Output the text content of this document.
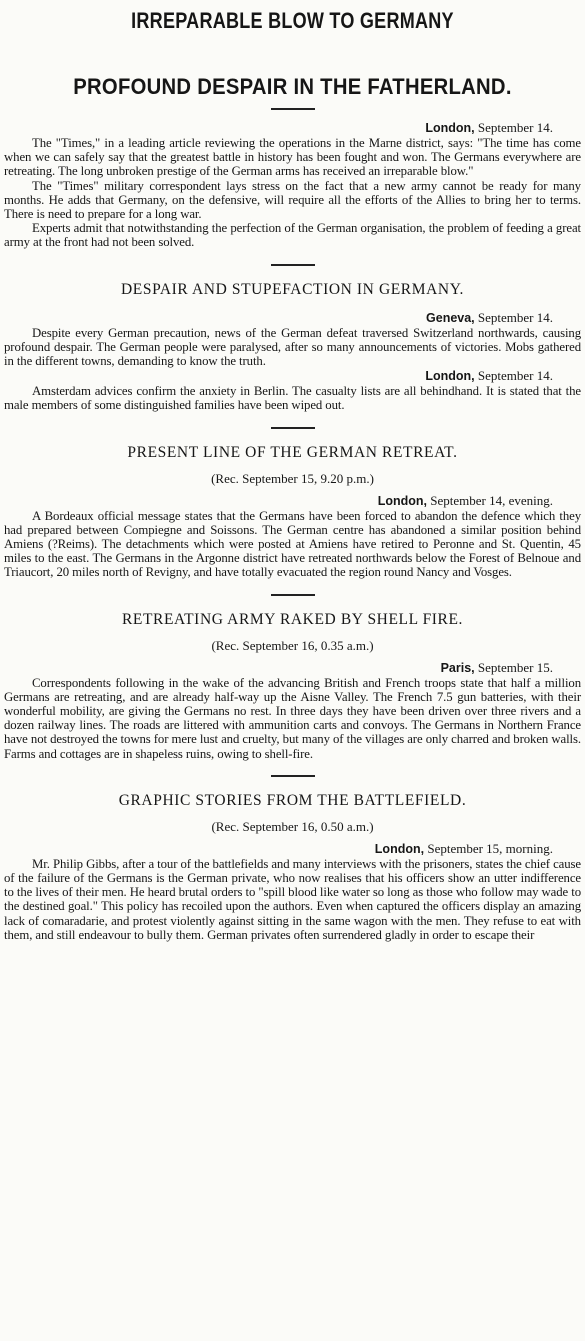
IRREPARABLE BLOW TO GERMANY
PROFOUND DESPAIR IN THE FATHERLAND.
London, September 14.

The "Times," in a leading article reviewing the operations in the Marne district, says: "The time has come when we can safely say that the greatest battle in history has been fought and won. The Germans everywhere are retreating. The long unbroken prestige of the German arms has received an irreparable blow."

The "Times" military correspondent lays stress on the fact that a new army cannot be ready for many months. He adds that Germany, on the defensive, will require all the efforts of the Allies to bring her to terms. There is need to prepare for a long war.

Experts admit that notwithstanding the perfection of the German organisation, the problem of feeding a great army at the front had not been solved.

DESPAIR AND STUPEFACTION IN GERMANY.
Geneva, September 14.

Despite every German precaution, news of the German defeat traversed Switzerland northwards, causing profound despair. The German people were paralysed, after so many announcements of victories. Mobs gathered in the different towns, demanding to know the truth.

London, September 14.

Amsterdam advices confirm the anxiety in Berlin. The casualty lists are all behindhand. It is stated that the male members of some distinguished families have been wiped out.

PRESENT LINE OF THE GERMAN RETREAT.
(Rec. September 15, 9.20 p.m.)
London, September 14, evening.

A Bordeaux official message states that the Germans have been forced to abandon the defence which they had prepared between Compiegne and Soissons. The German centre has abandoned a similar position behind Amiens (?Reims). The detachments which were posted at Amiens have retired to Peronne and St. Quentin, 45 miles to the east. The Germans in the Argonne district have retreated northwards below the Forest of Belnoue and Triaucort, 20 miles north of Revigny, and have totally evacuated the region round Nancy and Vosges.

RETREATING ARMY RAKED BY SHELL FIRE.
(Rec. September 16, 0.35 a.m.)
Paris, September 15.

Correspondents following in the wake of the advancing British and French troops state that half a million Germans are retreating, and are already half-way up the Aisne Valley. The French 7.5 gun batteries, with their wonderful mobility, are giving the Germans no rest. In three days they have been driven over three rivers and a dozen railway lines. The roads are littered with ammunition carts and convoys. The Germans in Northern France have not destroyed the towns for mere lust and cruelty, but many of the villages are only charred and broken walls. Farms and cottages are in shapeless ruins, owing to shell-fire.

GRAPHIC STORIES FROM THE BATTLEFIELD.
(Rec. September 16, 0.50 a.m.)
London, September 15, morning.

Mr. Philip Gibbs, after a tour of the battlefields and many interviews with the prisoners, states the chief cause of the failure of the Germans is the German private, who now realises that his officers show an utter indifference to the lives of their men. He heard brutal orders to "spill blood like water so long as those who follow may wade to the destined goal." This policy has recoiled upon the authors. Even when captured the officers display an amazing lack of comaradarie, and protest violently against sitting in the same wagon with the men. They refuse to eat with them, and still endeavour to bully them. German privates often surrendered gladly in order to escape their
